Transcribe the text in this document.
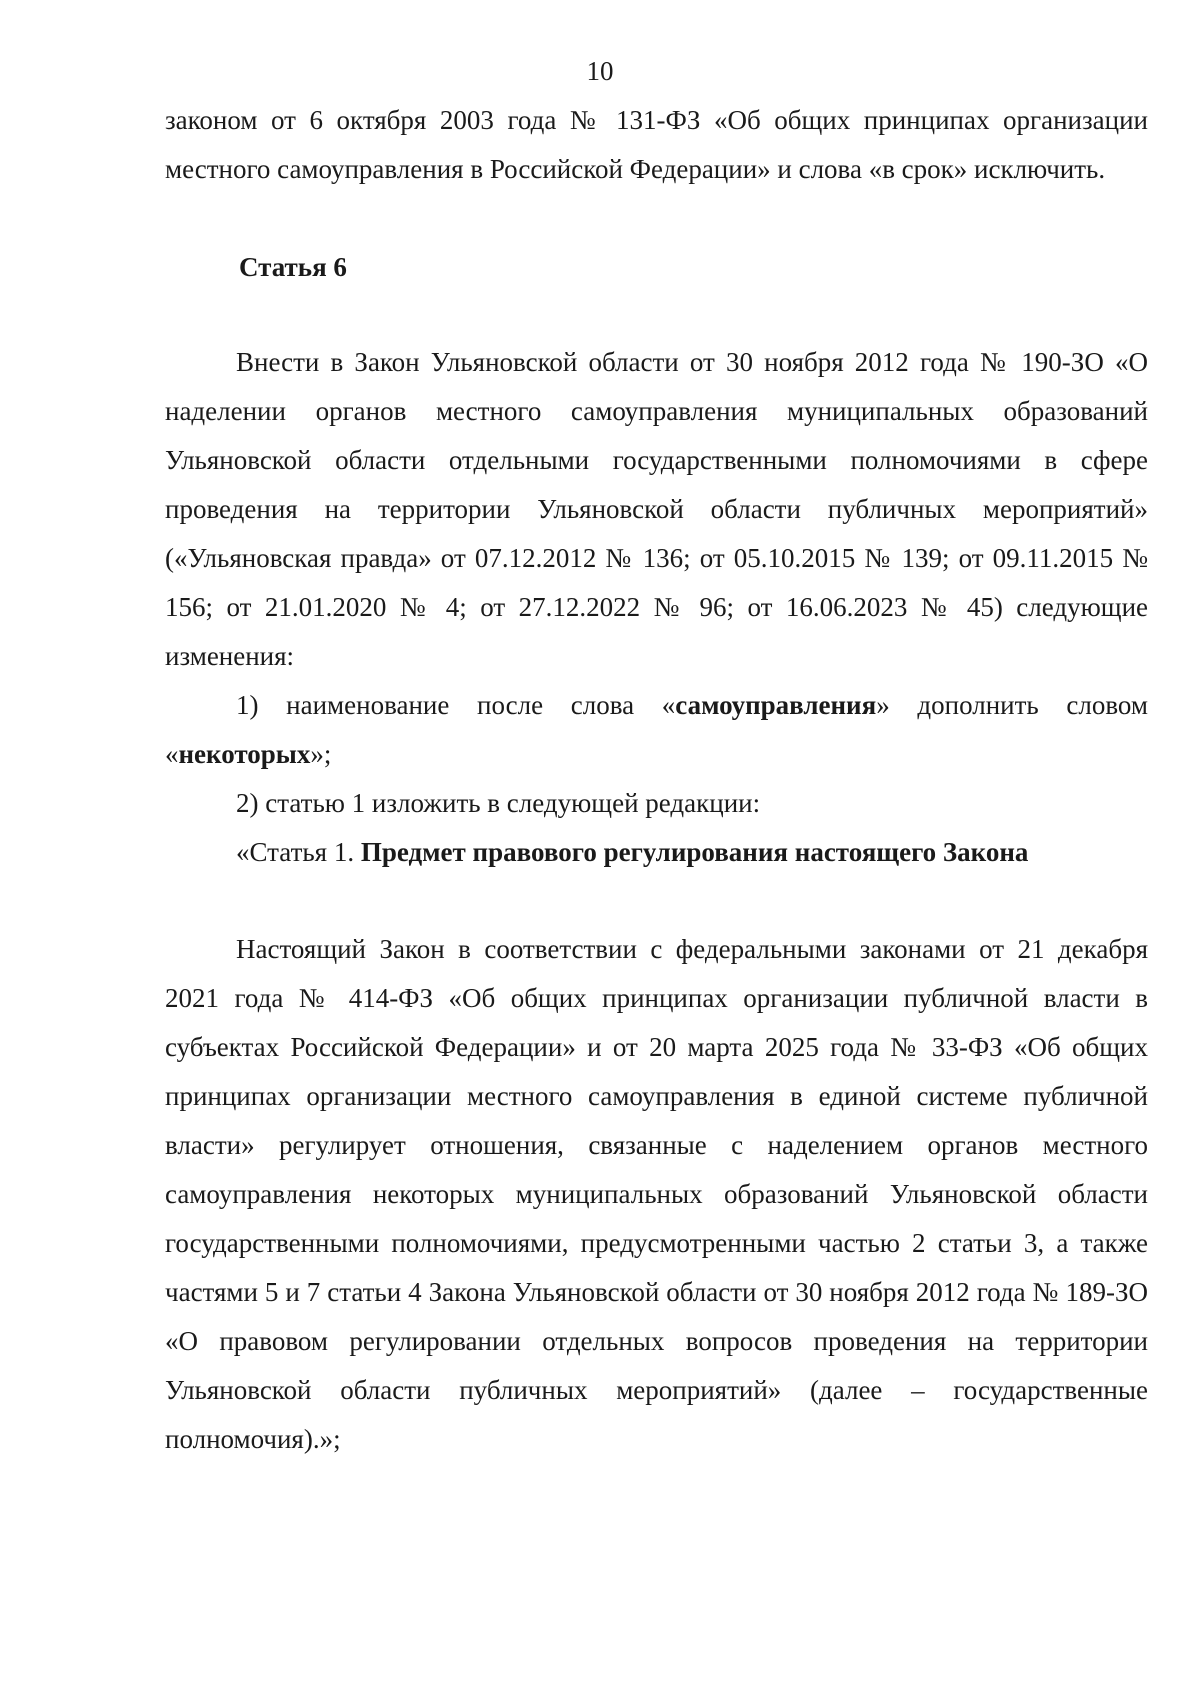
10

законом от 6 октября 2003 года № 131-ФЗ «Об общих принципах организации местного самоуправления в Российской Федерации» и слова «в срок» исключить.

Статья 6

Внести в Закон Ульяновской области от 30 ноября 2012 года № 190-ЗО «О наделении органов местного самоуправления муниципальных образований Ульяновской области отдельными государственными полномочиями в сфере проведения на территории Ульяновской области публичных мероприятий» («Ульяновская правда» от 07.12.2012 № 136; от 05.10.2015 № 139; от 09.11.2015 № 156; от 21.01.2020 № 4; от 27.12.2022 № 96; от 16.06.2023 № 45) следующие изменения:

1) наименование после слова «самоуправления» дополнить словом «некоторых»;

2) статью 1 изложить в следующей редакции:

«Статья 1. Предмет правового регулирования настоящего Закона

Настоящий Закон в соответствии с федеральными законами от 21 декабря 2021 года № 414-ФЗ «Об общих принципах организации публичной власти в субъектах Российской Федерации» и от 20 марта 2025 года № 33-ФЗ «Об общих принципах организации местного самоуправления в единой системе публичной власти» регулирует отношения, связанные с наделением органов местного самоуправления некоторых муниципальных образований Ульяновской области государственными полномочиями, предусмотренными частью 2 статьи 3, а также частями 5 и 7 статьи 4 Закона Ульяновской области от 30 ноября 2012 года № 189-ЗО «О правовом регулировании отдельных вопросов проведения на территории Ульяновской области публичных мероприятий» (далее – государственные полномочия).»;
